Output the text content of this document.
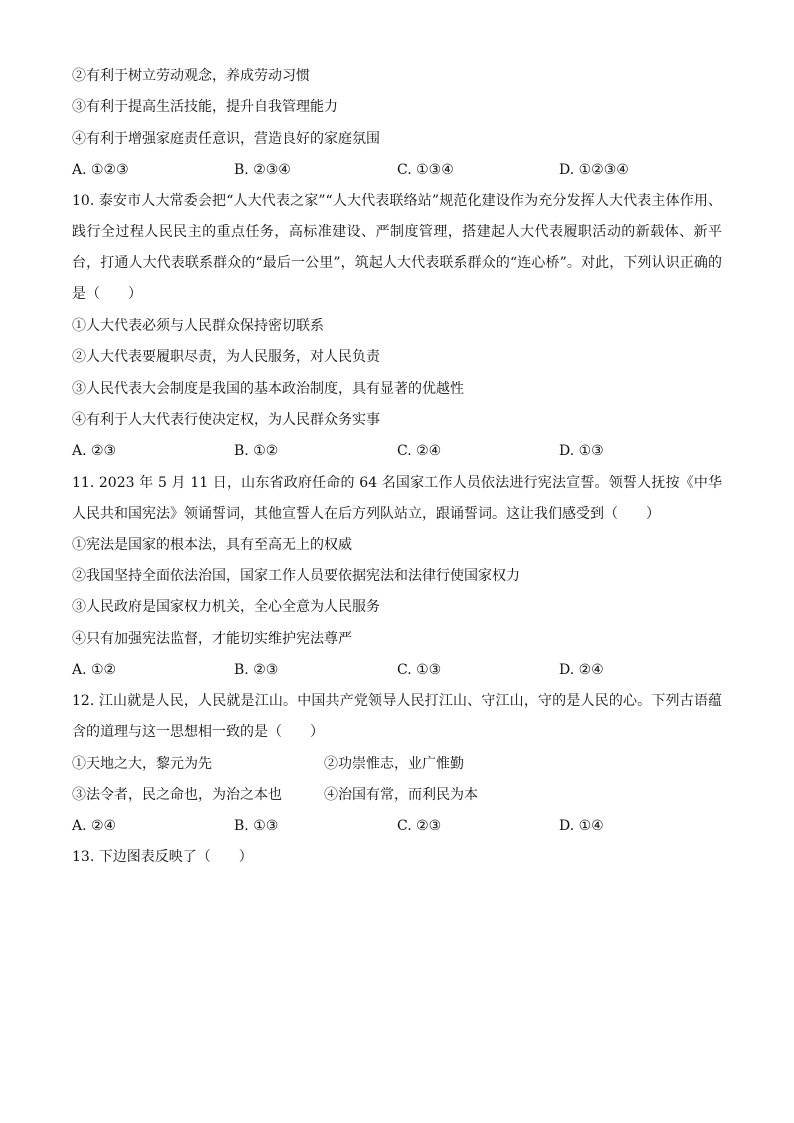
②有利于树立劳动观念，养成劳动习惯
③有利于提高生活技能，提升自我管理能力
④有利于增强家庭责任意识，营造良好的家庭氛围
A. ①②③	B. ②③④	C. ①③④	D. ①②③④
10. 泰安市人大常委会把“人大代表之家”“人大代表联络站”规范化建设作为充分发挥人大代表主体作用、践行全过程人民民主的重点任务，高标准建设、严制度管理，搭建起人大代表履职活动的新载体、新平台，打通人大代表联系群众的“最后一公里”，筑起人大代表联系群众的“连心桥”。对此，下列认识正确的是（　　）
①人大代表必须与人民群众保持密切联系
②人大代表要履职尽责，为人民服务，对人民负责
③人民代表大会制度是我国的基本政治制度，具有显著的优越性
④有利于人大代表行使决定权，为人民群众务实事
A. ②③	B. ①②	C. ②④	D. ①③
11. 2023 年 5 月 11 日，山东省政府任命的 64 名国家工作人员依法进行宪法宣誓。领誓人抚按《中华人民共和国宪法》领诵誓词，其他宣誓人在后方列队站立，跟诵誓词。这让我们感受到（　　）
①宪法是国家的根本法，具有至高无上的权威
②我国坚持全面依法治国，国家工作人员要依据宪法和法律行使国家权力
③人民政府是国家权力机关，全心全意为人民服务
④只有加强宪法监督，才能切实维护宪法尊严
A. ①②	B. ②③	C. ①③	D. ②④
12. 江山就是人民，人民就是江山。中国共产党领导人民打江山、守江山，守的是人民的心。下列古语蕴含的道理与这一思想相一致的是（　　）
①天地之大，黎元为先	②功崇惟志，业广惟勤
③法令者，民之命也，为治之本也	④治国有常，而利民为本
A. ②④	B. ①③	C. ②③	D. ①④
13. 下边图表反映了（　　）
